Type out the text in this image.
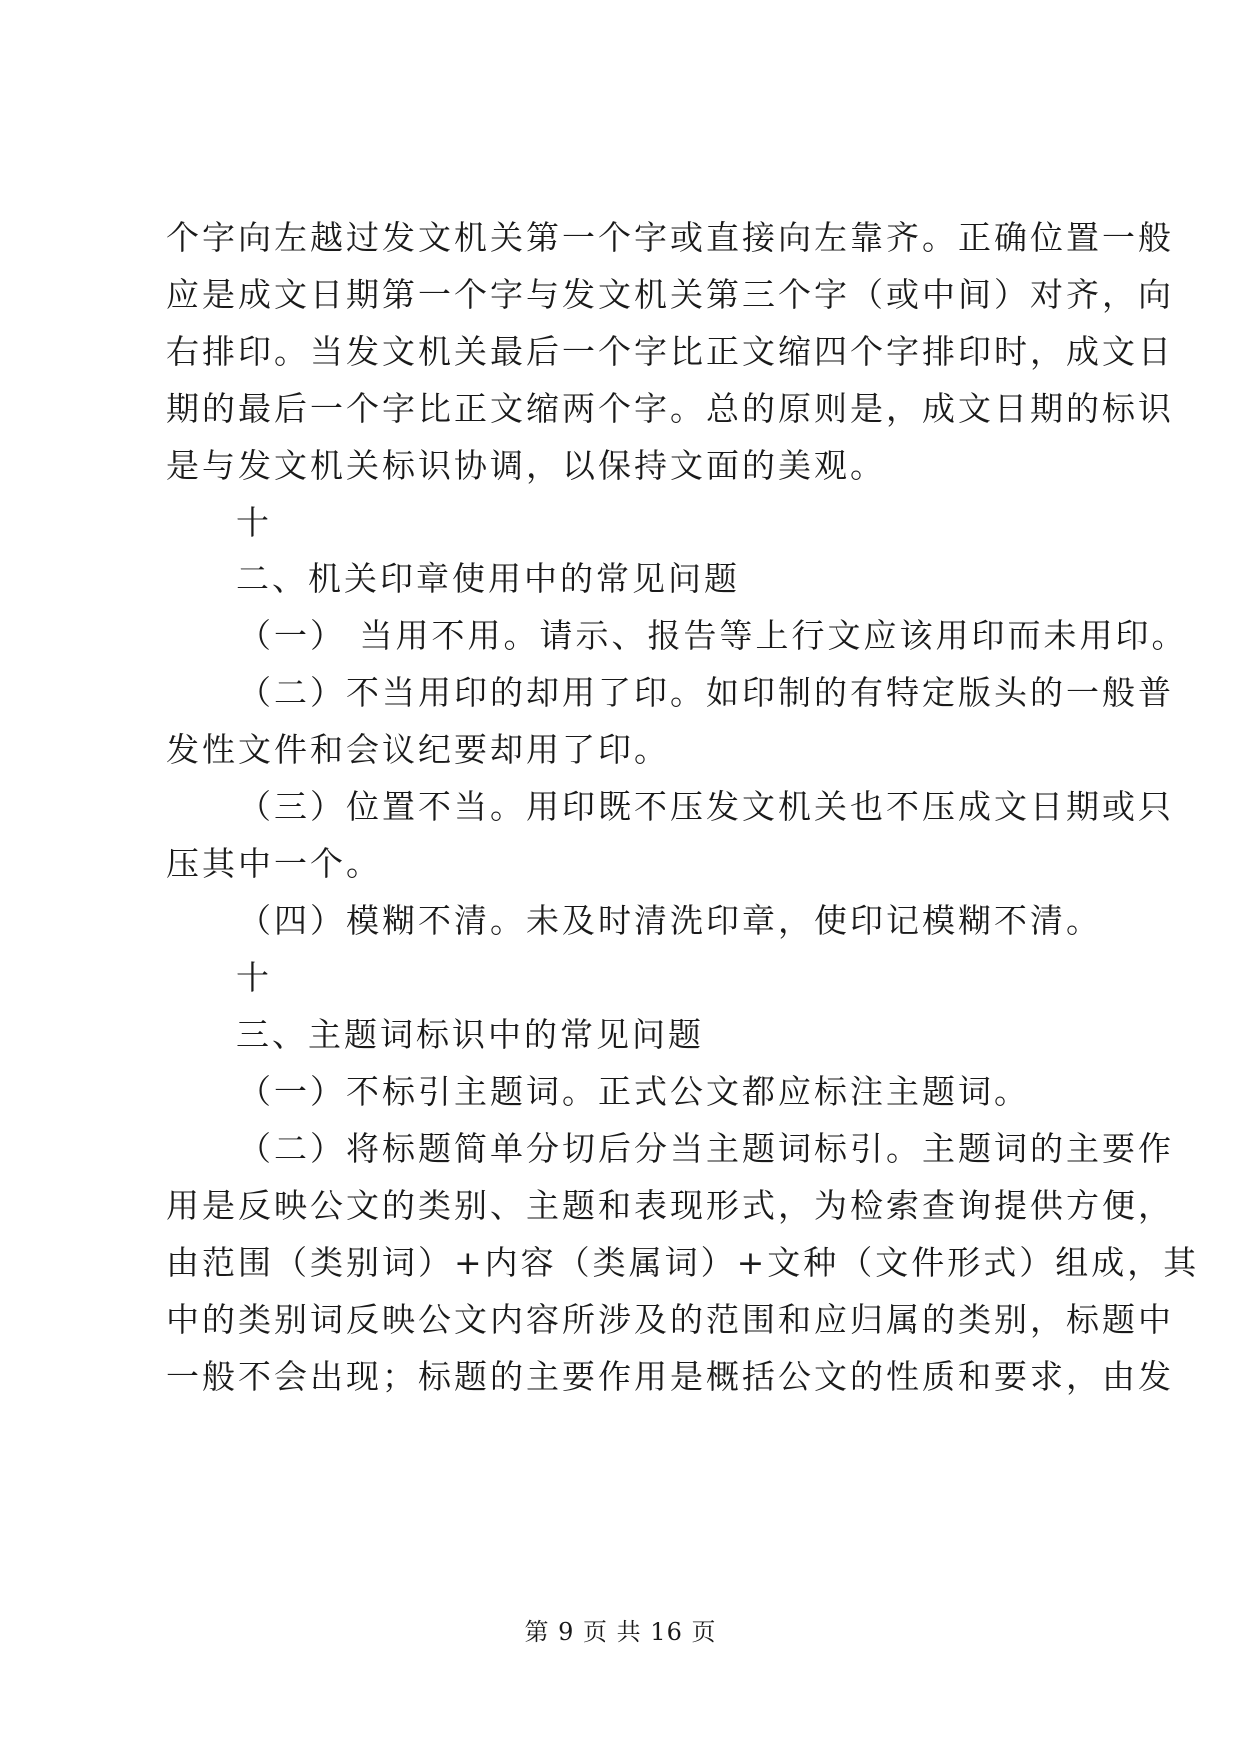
个字向左越过发文机关第一个字或直接向左靠齐。正确位置一般
应是成文日期第一个字与发文机关第三个字（或中间）对齐，向
右排印。当发文机关最后一个字比正文缩四个字排印时，成文日
期的最后一个字比正文缩两个字。总的原则是，成文日期的标识
是与发文机关标识协调，以保持文面的美观。
十
二、机关印章使用中的常见问题
（一） 当用不用。请示、报告等上行文应该用印而未用印。
（二）不当用印的却用了印。如印制的有特定版头的一般普
发性文件和会议纪要却用了印。
（三）位置不当。用印既不压发文机关也不压成文日期或只
压其中一个。
（四）模糊不清。未及时清洗印章，使印记模糊不清。
十
三、主题词标识中的常见问题
（一）不标引主题词。正式公文都应标注主题词。
（二）将标题简单分切后分当主题词标引。主题词的主要作
用是反映公文的类别、主题和表现形式，为检索查询提供方便，
由范围（类别词）+内容（类属词）+文种（文件形式）组成，其
中的类别词反映公文内容所涉及的范围和应归属的类别，标题中
一般不会出现；标题的主要作用是概括公文的性质和要求，由发
第 9 页 共 16 页
